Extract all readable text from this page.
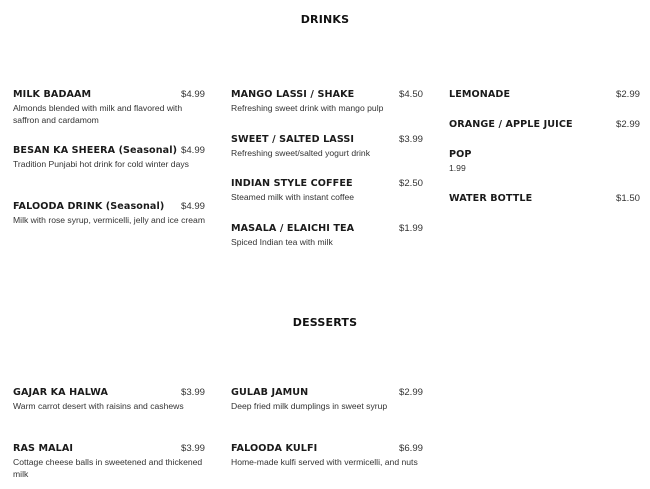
DRINKS
MILK BADAAM	$4.99
Almonds blended with milk and flavored with saffron and cardamom
BESAN KA SHEERA (Seasonal) $4.99
Tradition Punjabi hot drink for cold winter days
FALOODA DRINK (Seasonal) $4.99
Milk with rose syrup, vermicelli, jelly and ice cream
MANGO LASSI / SHAKE	$4.50
Refreshing sweet drink with mango pulp
SWEET / SALTED LASSI	$3.99
Refreshing sweet/salted yogurt drink
INDIAN STYLE COFFEE	$2.50
Steamed milk with instant coffee
MASALA / ELAICHI TEA	$1.99
Spiced Indian tea with milk
LEMONADE	$2.99
ORANGE / APPLE JUICE	$2.99
POP
1.99
WATER BOTTLE	$1.50
DESSERTS
GAJAR KA HALWA	$3.99
Warm carrot desert with raisins and cashews
RAS MALAI	$3.99
Cottage cheese balls in sweetened and thickened milk
GULAB JAMUN	$2.99
Deep fried milk dumplings in sweet syrup
FALOODA KULFI	$6.99
Home-made kulfi served with vermicelli, and nuts
